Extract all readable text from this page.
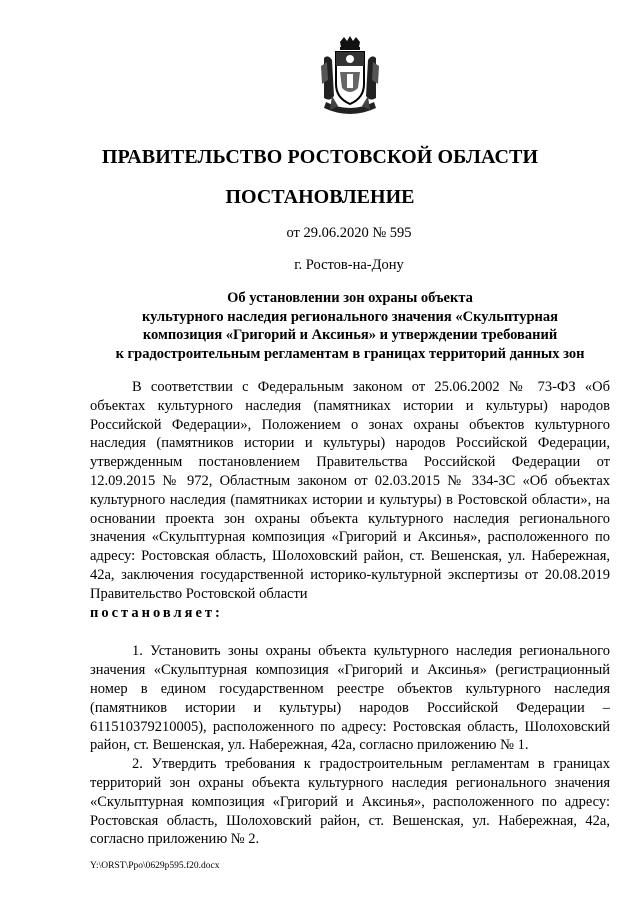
ПРАВИТЕЛЬСТВО РОСТОВСКОЙ ОБЛАСТИ
ПОСТАНОВЛЕНИЕ
от 29.06.2020 № 595
г. Ростов-на-Дону
Об установлении зон охраны объекта
культурного наследия регионального значения «Скульптурная
композиция «Григорий и Аксинья» и утверждении требований
к градостроительным регламентам в границах территорий данных зон
В соответствии с Федеральным законом от 25.06.2002 № 73-ФЗ «Об объектах культурного наследия (памятниках истории и культуры) народов Российской Федерации», Положением о зонах охраны объектов культурного наследия (памятников истории и культуры) народов Российской Федерации, утвержденным постановлением Правительства Российской Федерации от 12.09.2015 № 972, Областным законом от 02.03.2015 № 334-ЗС «Об объектах культурного наследия (памятниках истории и культуры) в Ростовской области», на основании проекта зон охраны объекта культурного наследия регионального значения «Скульптурная композиция «Григорий и Аксинья», расположенного по адресу: Ростовская область, Шолоховский район, ст. Вешенская, ул. Набережная, 42а, заключения государственной историко-культурной экспертизы от 20.08.2019 Правительство Ростовской области
постановляет:
1. Установить зоны охраны объекта культурного наследия регионального значения «Скульптурная композиция «Григорий и Аксинья» (регистрационный номер в едином государственном реестре объектов культурного наследия (памятников истории и культуры) народов Российской Федерации – 611510379210005), расположенного по адресу: Ростовская область, Шолоховский район, ст. Вешенская, ул. Набережная, 42а, согласно приложению № 1.
2. Утвердить требования к градостроительным регламентам в границах территорий зон охраны объекта культурного наследия регионального значения «Скульптурная композиция «Григорий и Аксинья», расположенного по адресу: Ростовская область, Шолоховский район, ст. Вешенская, ул. Набережная, 42а, согласно приложению № 2.
Y:\ORST\Ppo\0629p595.f20.docx
